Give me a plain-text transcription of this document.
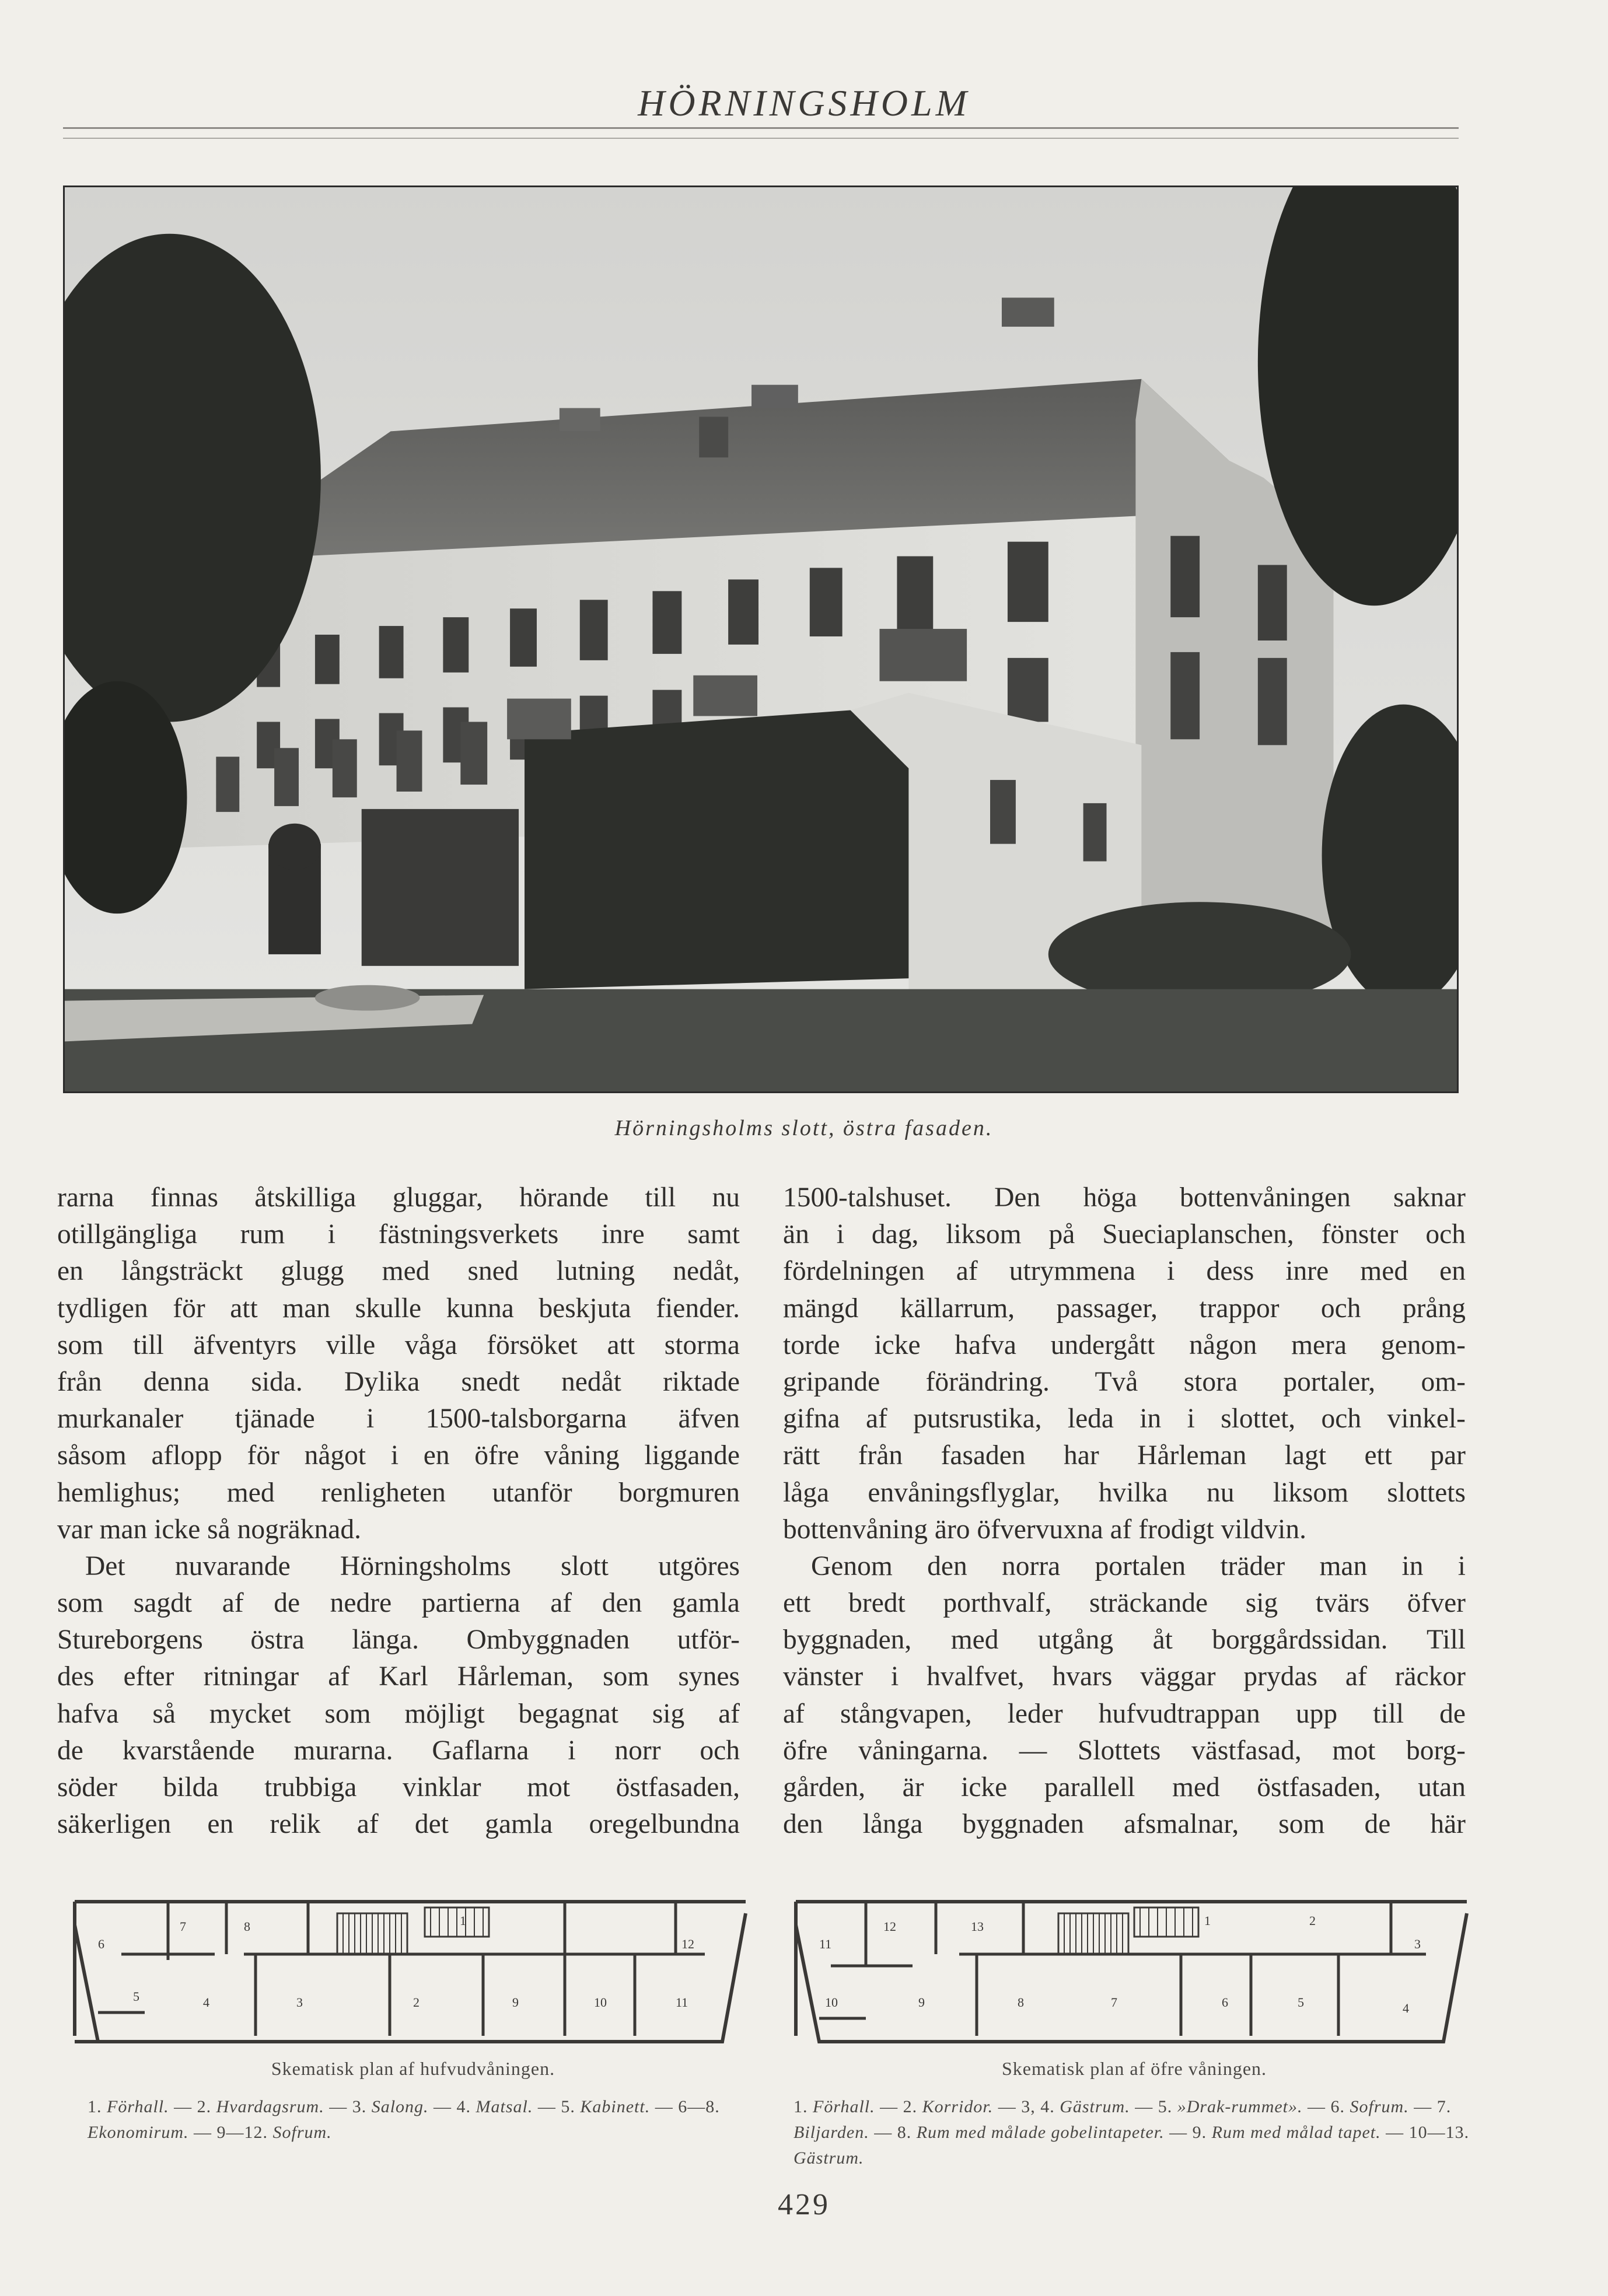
HÖRNINGSHOLM
Hörningsholms slott, östra fasaden.
rarna finnas åtskilliga gluggar, hörande till nu
otillgängliga rum i fästningsverkets inre samt
en långsträckt glugg med sned lutning nedåt,
tydligen för att man skulle kunna beskjuta fiender.
som till äfventyrs ville våga försöket att storma
från denna sida. Dylika snedt nedåt riktade
murkanaler tjänade i 1500-talsborgarna äfven
såsom aflopp för något i en öfre våning liggande
hemlighus; med renligheten utanför borgmuren
var man icke så nogräknad.
Det nuvarande Hörningsholms slott utgöres
som sagdt af de nedre partierna af den gamla
Stureborgens östra länga. Ombyggnaden utför-
des efter ritningar af Karl Hårleman, som synes
hafva så mycket som möjligt begagnat sig af
de kvarstående murarna. Gaflarna i norr och
söder bilda trubbiga vinklar mot östfasaden,
säkerligen en relik af det gamla oregelbundna
1500-talshuset. Den höga bottenvåningen saknar
än i dag, liksom på Sueciaplanschen, fönster och
fördelningen af utrymmena i dess inre med en
mängd källarrum, passager, trappor och prång
torde icke hafva undergått någon mera genom-
gripande förändring. Två stora portaler, om-
gifna af putsrustika, leda in i slottet, och vinkel-
rätt från fasaden har Hårleman lagt ett par
låga envåningsflyglar, hvilka nu liksom slottets
bottenvåning äro öfvervuxna af frodigt vildvin.
Genom den norra portalen träder man in i
ett bredt porthvalf, sträckande sig tvärs öfver
byggnaden, med utgång åt borggårdssidan. Till
vänster i hvalfvet, hvars väggar prydas af räckor
af stångvapen, leder hufvudtrappan upp till de
öfre våningarna. — Slottets västfasad, mot borg-
gården, är icke parallell med östfasaden, utan
den långa byggnaden afsmalnar, som de här
1
2
3
4
5
6
7	8
9	10	11
12
Skematisk plan af hufvudvåningen.
1. Förhall. — 2. Hvardagsrum. — 3. Salong. — 4. Matsal. — 5. Kabinett. — 6—8. Ekonomirum. — 9—12. Sofrum.
1	2
3
4
5
6
7
8
9
10
11
12	13
Skematisk plan af öfre våningen.
1. Förhall. — 2. Korridor. — 3, 4. Gästrum. — 5. »Drak-rummet». — 6. Sofrum. — 7. Biljarden. — 8. Rum med målade gobelintapeter. — 9. Rum med målad tapet. — 10—13. Gästrum.
429
